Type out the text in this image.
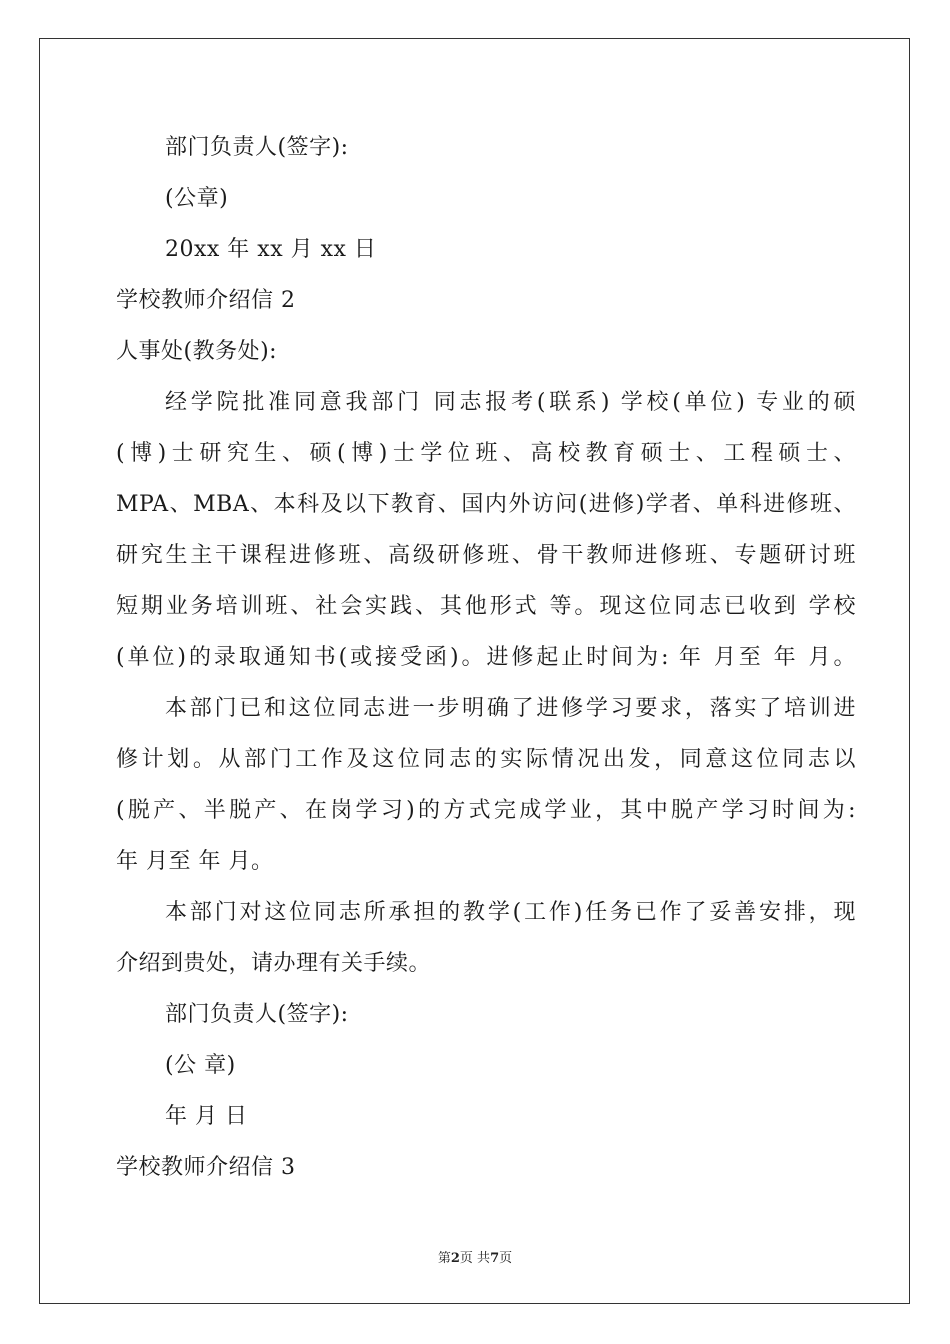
部门负责人(签字):
(公章)
20xx 年 xx 月 xx 日
学校教师介绍信 2
人事处(教务处):
经学院批准同意我部门 同志报考(联系) 学校(单位) 专业的硕
(博)士研究生、硕(博)士学位班、高校教育硕士、工程硕士、
MPA、MBA、本科及以下教育、国内外访问(进修)学者、单科进修班、
研究生主干课程进修班、高级研修班、骨干教师进修班、专题研讨班
短期业务培训班、社会实践、其他形式 等。现这位同志已收到 学校
(单位)的录取通知书(或接受函)。进修起止时间为: 年 月至 年 月。
本部门已和这位同志进一步明确了进修学习要求，落实了培训进
修计划。从部门工作及这位同志的实际情况出发，同意这位同志以
(脱产、半脱产、在岗学习)的方式完成学业，其中脱产学习时间为:
年 月至 年 月。
本部门对这位同志所承担的教学(工作)任务已作了妥善安排，现
介绍到贵处，请办理有关手续。
部门负责人(签字):
(公 章)
年 月 日
学校教师介绍信 3
第2页 共7页
